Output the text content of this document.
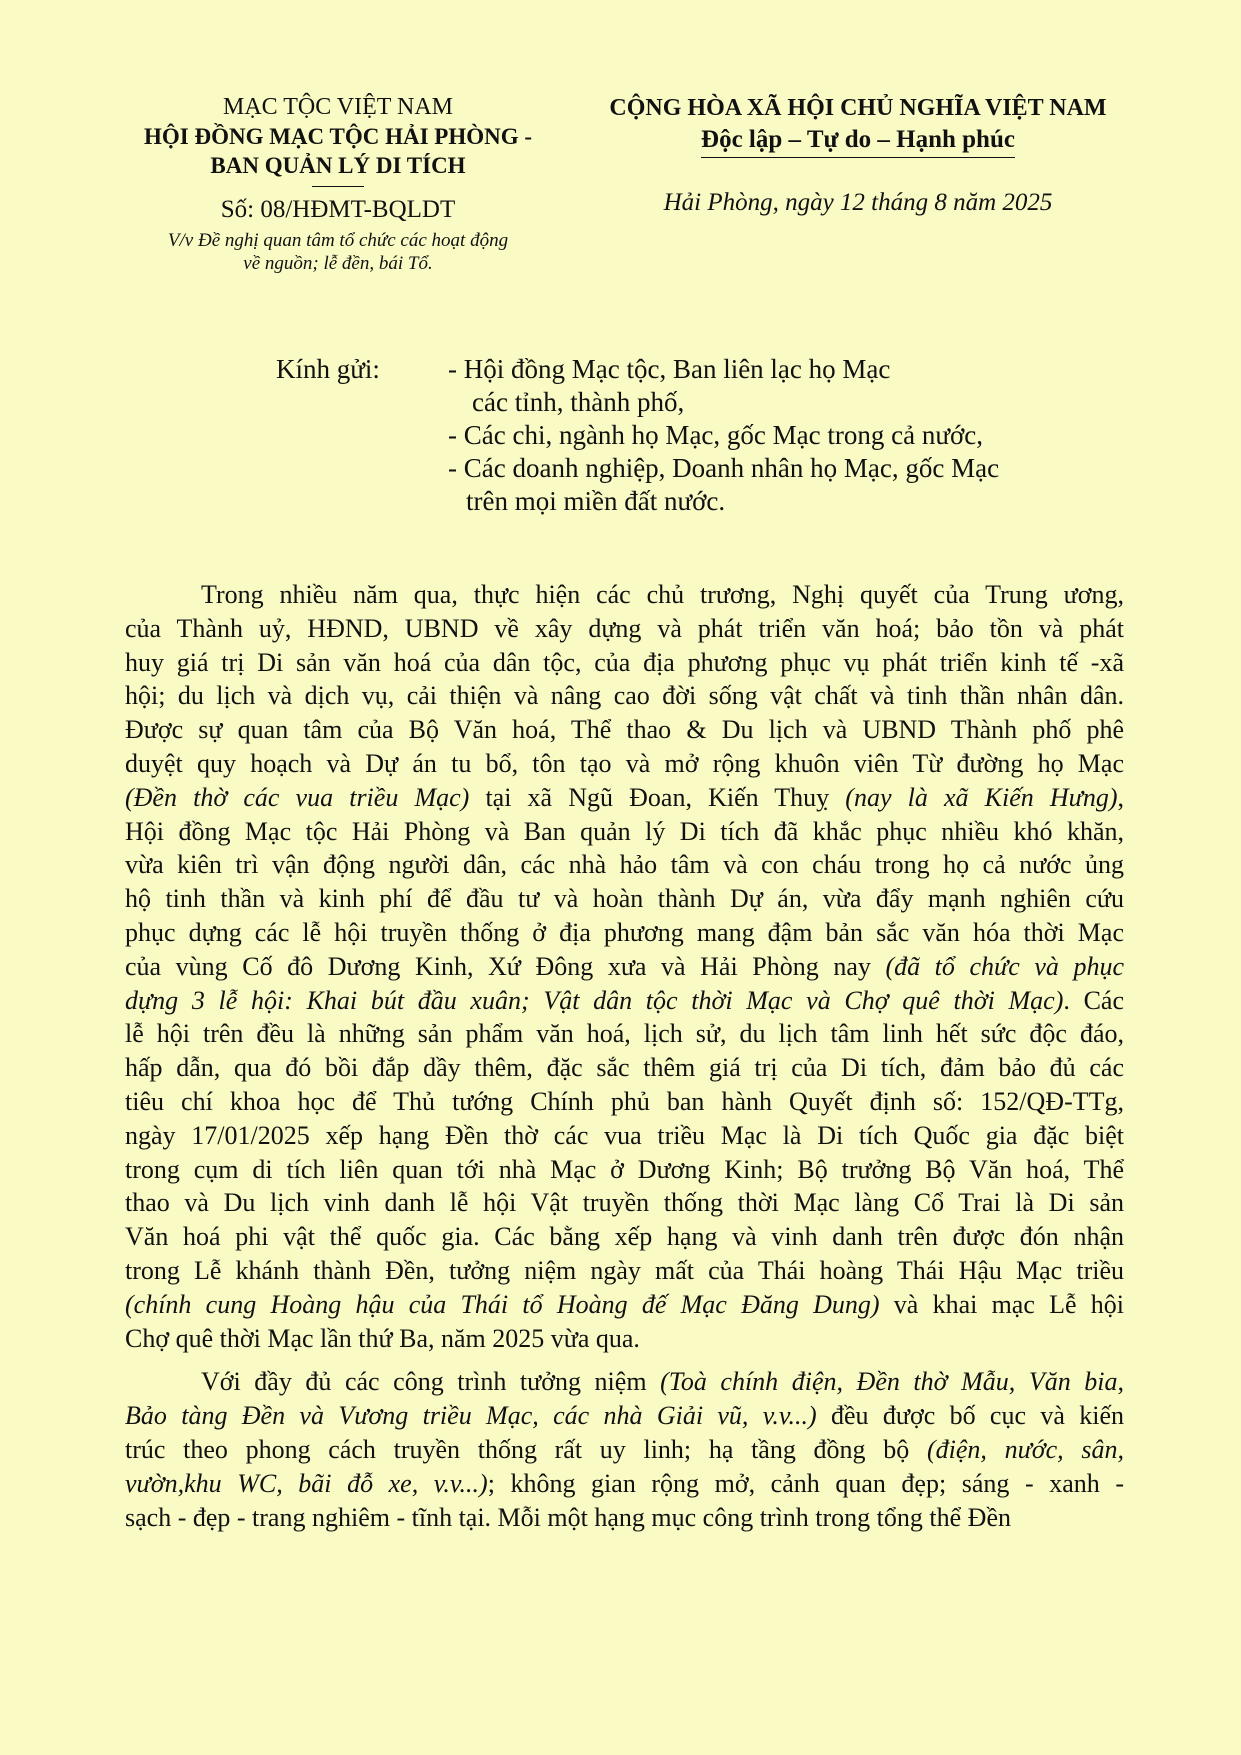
MẠC TỘC VIỆT NAM
HỘI ĐỒNG MẠC TỘC HẢI PHÒNG -
BAN QUẢN LÝ DI TÍCH
Số: 08/HĐMT-BQLDT
V/v Đề nghị quan tâm tổ chức các hoạt động
về nguồn; lễ đền, bái Tổ.
CỘNG HÒA XÃ HỘI CHỦ NGHĨA VIỆT NAM
Độc lập – Tự do – Hạnh phúc
Hải Phòng, ngày 12 tháng 8 năm 2025
Kính gửi:	- Hội đồng Mạc tộc, Ban liên lạc họ Mạc
các tỉnh, thành phố,
- Các chi, ngành họ Mạc, gốc Mạc trong cả nước,
- Các doanh nghiệp, Doanh nhân họ Mạc, gốc Mạc
trên mọi miền đất nước.
Trong nhiều năm qua, thực hiện các chủ trương, Nghị quyết của Trung ương,
của Thành uỷ, HĐND, UBND về xây dựng và phát triển văn hoá; bảo tồn và phát
huy giá trị Di sản văn hoá của dân tộc, của địa phương phục vụ phát triển kinh tế -xã
hội; du lịch và dịch vụ, cải thiện và nâng cao đời sống vật chất và tinh thần nhân dân.
Được sự quan tâm của Bộ Văn hoá, Thể thao & Du lịch và UBND Thành phố phê
duyệt quy hoạch và Dự án tu bổ, tôn tạo và mở rộng khuôn viên Từ đường họ Mạc
(Đền thờ các vua triều Mạc) tại xã Ngũ Đoan, Kiến Thuỵ (nay là xã Kiến Hưng),
Hội đồng Mạc tộc Hải Phòng và Ban quản lý Di tích đã khắc phục nhiều khó khăn,
vừa kiên trì vận động người dân, các nhà hảo tâm và con cháu trong họ cả nước ủng
hộ tinh thần và kinh phí để đầu tư và hoàn thành Dự án, vừa đẩy mạnh nghiên cứu
phục dựng các lễ hội truyền thống ở địa phương mang đậm bản sắc văn hóa thời Mạc
của vùng Cố đô Dương Kinh, Xứ Đông xưa và Hải Phòng nay (đã tổ chức và phục
dựng 3 lễ hội: Khai bút đầu xuân; Vật dân tộc thời Mạc và Chợ quê thời Mạc). Các
lễ hội trên đều là những sản phẩm văn hoá, lịch sử, du lịch tâm linh hết sức độc đáo,
hấp dẫn, qua đó bồi đắp dầy thêm, đặc sắc thêm giá trị của Di tích, đảm bảo đủ các
tiêu chí khoa học để Thủ tướng Chính phủ ban hành Quyết định số: 152/QĐ-TTg,
ngày 17/01/2025 xếp hạng Đền thờ các vua triều Mạc là Di tích Quốc gia đặc biệt
trong cụm di tích liên quan tới nhà Mạc ở Dương Kinh; Bộ trưởng Bộ Văn hoá, Thể
thao và Du lịch vinh danh lễ hội Vật truyền thống thời Mạc làng Cổ Trai là Di sản
Văn hoá phi vật thể quốc gia. Các bằng xếp hạng và vinh danh trên được đón nhận
trong Lễ khánh thành Đền, tưởng niệm ngày mất của Thái hoàng Thái Hậu Mạc triều
(chính cung Hoàng hậu của Thái tổ Hoàng đế Mạc Đăng Dung) và khai mạc Lễ hội
Chợ quê thời Mạc lần thứ Ba, năm 2025 vừa qua.
Với đầy đủ các công trình tưởng niệm (Toà chính điện, Đền thờ Mẫu, Văn bia,
Bảo tàng Đền và Vương triều Mạc, các nhà Giải vũ, v.v...) đều được bố cục và kiến
trúc theo phong cách truyền thống rất uy linh; hạ tầng đồng bộ (điện, nước, sân,
vườn,khu WC, bãi đỗ xe, v.v...); không gian rộng mở, cảnh quan đẹp; sáng - xanh -
sạch - đẹp - trang nghiêm - tĩnh tại. Mỗi một hạng mục công trình trong tổng thể Đền
